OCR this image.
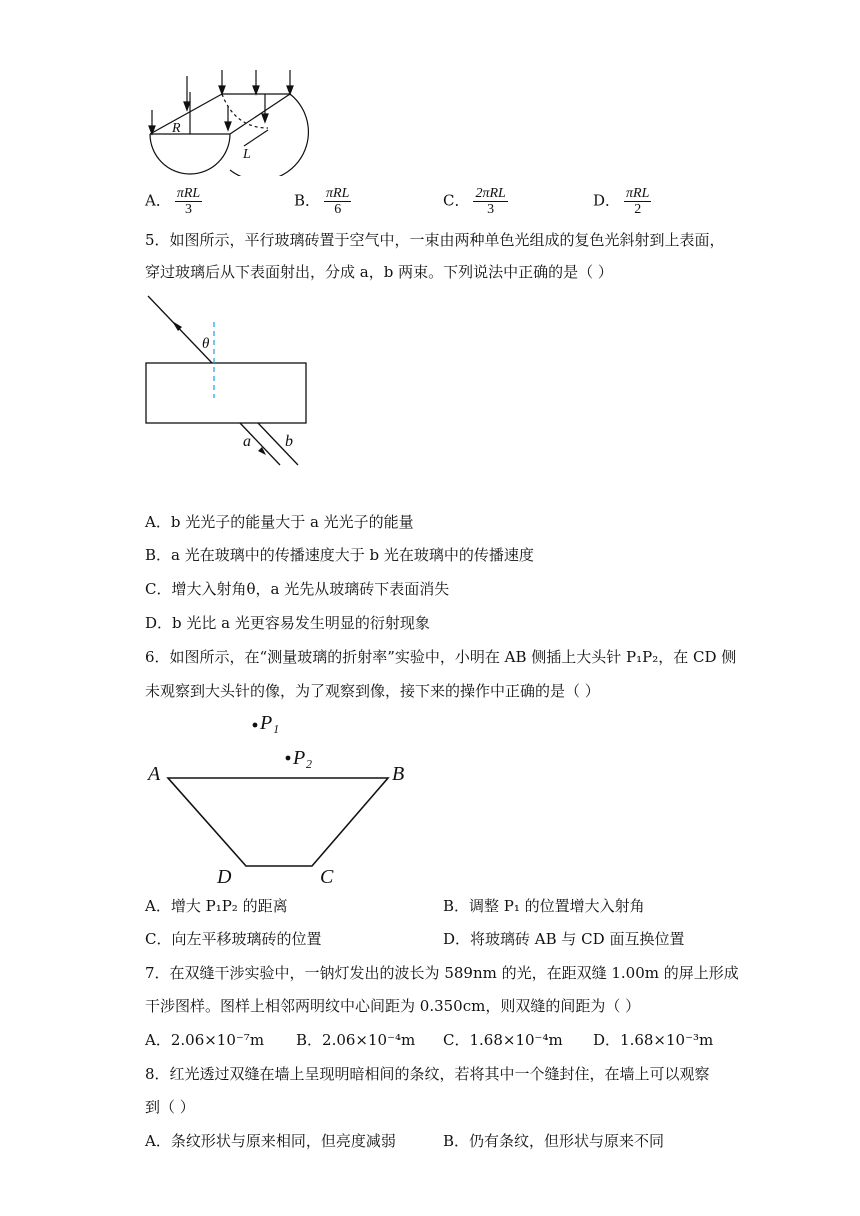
R
L
A． $\frac{\text{πRL}}{3}$	B． $\frac{\text{πRL}}{6}$	C． $\frac{\text{2πRL}}{3}$	D． $\frac{\text{πRL}}{2}$
5．如图所示，平行玻璃砖置于空气中，一束由两种单色光组成的复色光斜射到上表面，
穿过玻璃后从下表面射出，分成 a，b 两束。下列说法中正确的是（ ）
θ
a b
A．b 光光子的能量大于 a 光光子的能量
B．a 光在玻璃中的传播速度大于 b 光在玻璃中的传播速度
C．增大入射角θ，a 光先从玻璃砖下表面消失
D．b 光比 a 光更容易发生明显的衍射现象
6．如图所示，在“测量玻璃的折射率”实验中，小明在 AB 侧插上大头针 P₁P₂，在 CD 侧
未观察到大头针的像，为了观察到像，接下来的操作中正确的是（ ）
P₁
P₂
A	B
C
D
A．增大 P₁P₂ 的距离	B．调整 P₁ 的位置增大入射角
C．向左平移玻璃砖的位置	D．将玻璃砖 AB 与 CD 面互换位置
7．在双缝干涉实验中，一钠灯发出的波长为 589nm 的光，在距双缝 1.00m 的屏上形成
干涉图样。图样上相邻两明纹中心间距为 0.350cm，则双缝的间距为（ ）
A．2.06×10⁻⁷m B．2.06×10⁻⁴m C．1.68×10⁻⁴m D．1.68×10⁻³m
8．红光透过双缝在墙上呈现明暗相间的条纹，若将其中一个缝封住，在墙上可以观察
到（ ）
A．条纹形状与原来相同，但亮度减弱	B．仍有条纹，但形状与原来不同
